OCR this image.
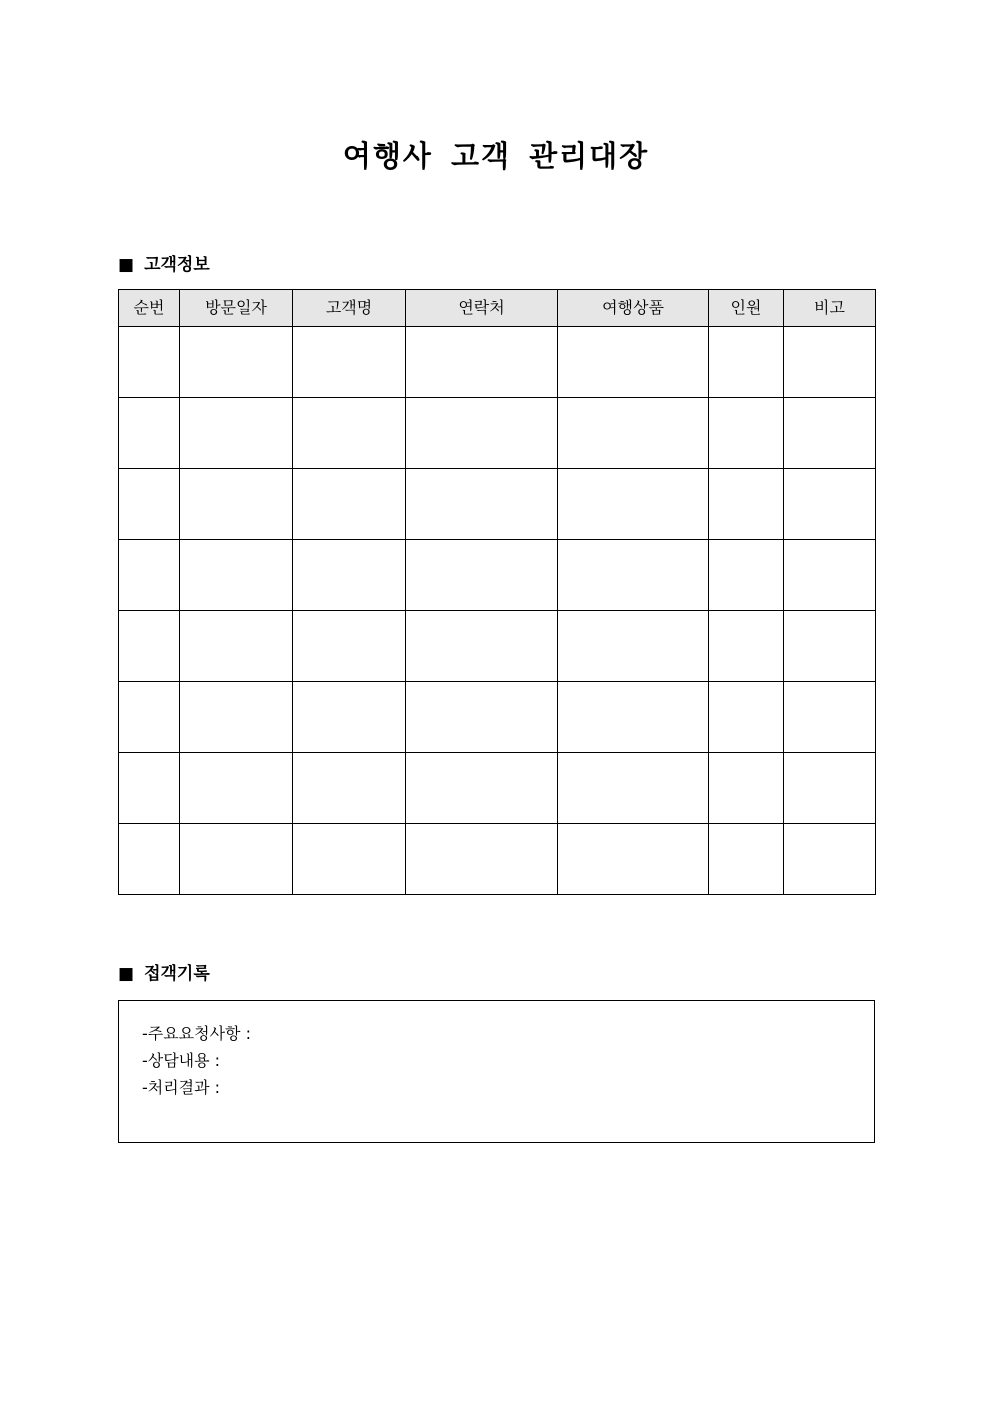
여행사 고객 관리대장
■ 고객정보
순번	방문일자	고객명	연락처	여행상품	인원	비고

■ 접객기록
-주요요청사항 :
-상담내용 :
-처리결과 :
